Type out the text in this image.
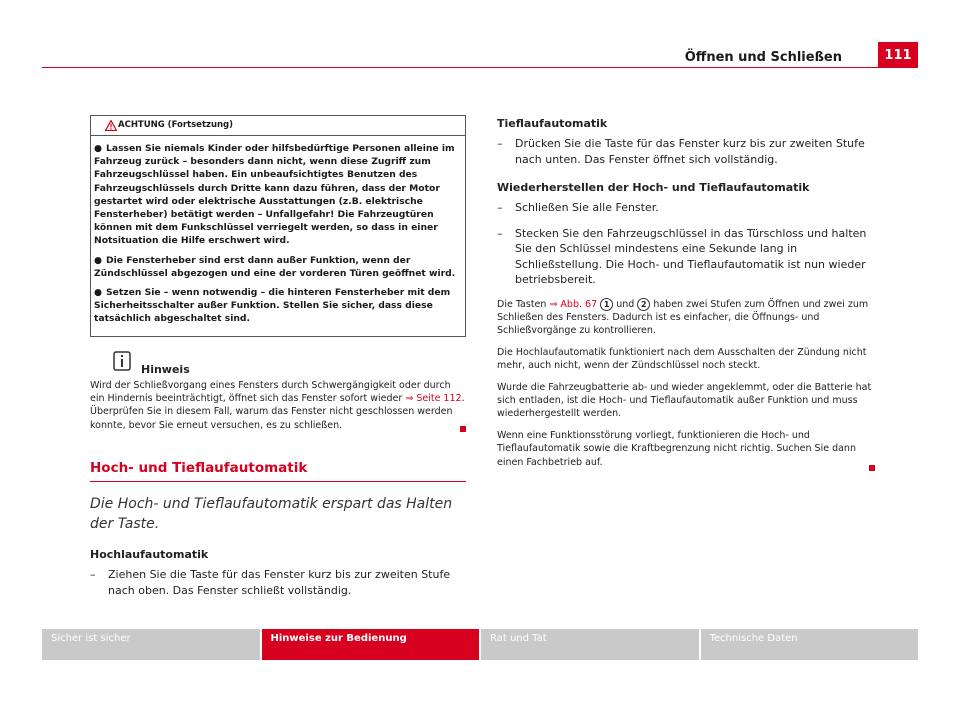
Öffnen und Schließen	111
ACHTUNG (Fortsetzung)

● Lassen Sie niemals Kinder oder hilfsbedürftige Personen alleine im Fahrzeug zurück – besonders dann nicht, wenn diese Zugriff zum Fahrzeugschlüssel haben. Ein unbeaufsichtigtes Benutzen des Fahrzeugschlüssels durch Dritte kann dazu führen, dass der Motor gestartet wird oder elektrische Ausstattungen (z.B. elektrische Fensterheber) betätigt werden – Unfallgefahr! Die Fahrzeugtüren können mit dem Funkschlüssel verriegelt werden, so dass in einer Notsituation die Hilfe erschwert wird.

● Die Fensterheber sind erst dann außer Funktion, wenn der Zündschlüssel abgezogen und eine der vorderen Türen geöffnet wird.

● Setzen Sie – wenn notwendig – die hinteren Fensterheber mit dem Sicherheitsschalter außer Funktion. Stellen Sie sicher, dass diese tatsächlich abgeschaltet sind.

Hinweis

Wird der Schließvorgang eines Fensters durch Schwergängigkeit oder durch ein Hindernis beeinträchtigt, öffnet sich das Fenster sofort wieder ⇒ Seite 112. Überprüfen Sie in diesem Fall, warum das Fenster nicht geschlossen werden konnte, bevor Sie erneut versuchen, es zu schließen.

Hoch- und Tieflaufautomatik
Die Hoch- und Tieflaufautomatik erspart das Halten der Taste.
Hochlaufautomatik
–	Ziehen Sie die Taste für das Fenster kurz bis zur zweiten Stufe nach oben. Das Fenster schließt vollständig.
Tieflaufautomatik
–	Drücken Sie die Taste für das Fenster kurz bis zur zweiten Stufe nach unten. Das Fenster öffnet sich vollständig.
Wiederherstellen der Hoch- und Tieflaufautomatik
–	Schließen Sie alle Fenster.
–	Stecken Sie den Fahrzeugschlüssel in das Türschloss und halten Sie den Schlüssel mindestens eine Sekunde lang in Schließstellung. Die Hoch- und Tieflaufautomatik ist nun wieder betriebsbereit.

Die Tasten ⇒ Abb. 67 1 und 2 haben zwei Stufen zum Öffnen und zwei zum Schließen des Fensters. Dadurch ist es einfacher, die Öffnungs- und Schließvorgänge zu kontrollieren.

Die Hochlaufautomatik funktioniert nach dem Ausschalten der Zündung nicht mehr, auch nicht, wenn der Zündschlüssel noch steckt.

Wurde die Fahrzeugbatterie ab- und wieder angeklemmt, oder die Batterie hat sich entladen, ist die Hoch- und Tieflaufautomatik außer Funktion und muss wiederhergestellt werden.

Wenn eine Funktionsstörung vorliegt, funktionieren die Hoch- und Tieflaufautomatik sowie die Kraftbegrenzung nicht richtig. Suchen Sie dann einen Fachbetrieb auf.

Sicher ist sicher	Hinweise zur Bedienung	Rat und Tat	Technische Daten
